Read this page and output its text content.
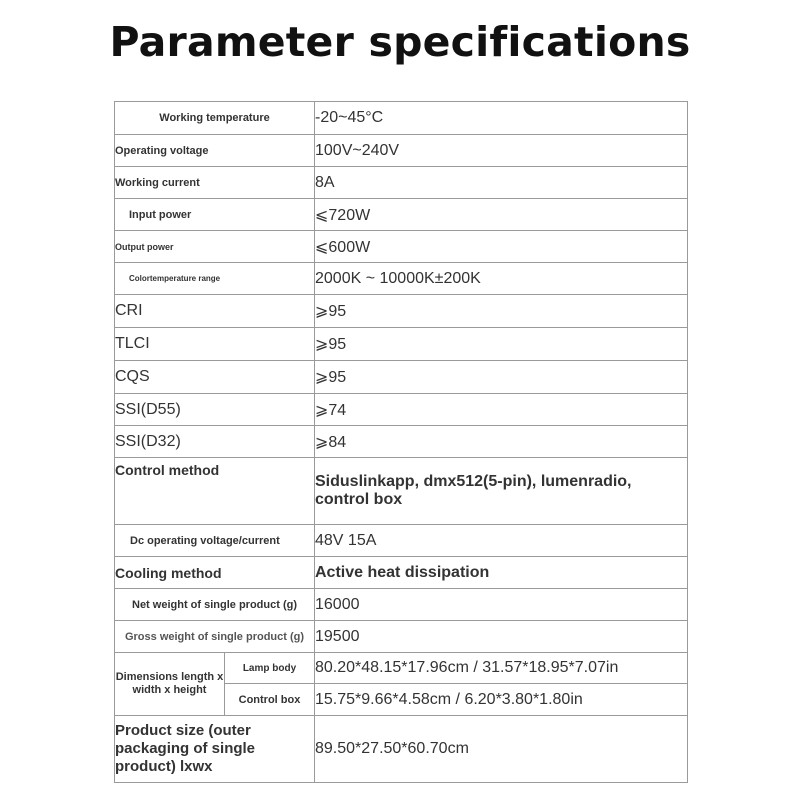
Parameter specifications
Working temperature		-20~45°C
Operating voltage		100V~240V
Working current		8A
Input power		⩽720W
Output power		⩽600W
Colortemperature range		2000K ~ 10000K±200K
CRI		⩾95
TLCI		⩾95
CQS		⩾95
SSI(D55)		⩾74
SSI(D32)		⩾84
Control method		Siduslinkapp, dmx512(5-pin), lumenradio, control box
Dc operating voltage/current		48V 15A
Cooling method		Active heat dissipation
Net weight of single product (g)		16000
Gross weight of single product (g)		19500
Dimensions length x width x height	Lamp body	80.20*48.15*17.96cm / 31.57*18.95*7.07in
	Control box	15.75*9.66*4.58cm / 6.20*3.80*1.80in
Product size (outer packaging of single product) lxwx		89.50*27.50*60.70cm
